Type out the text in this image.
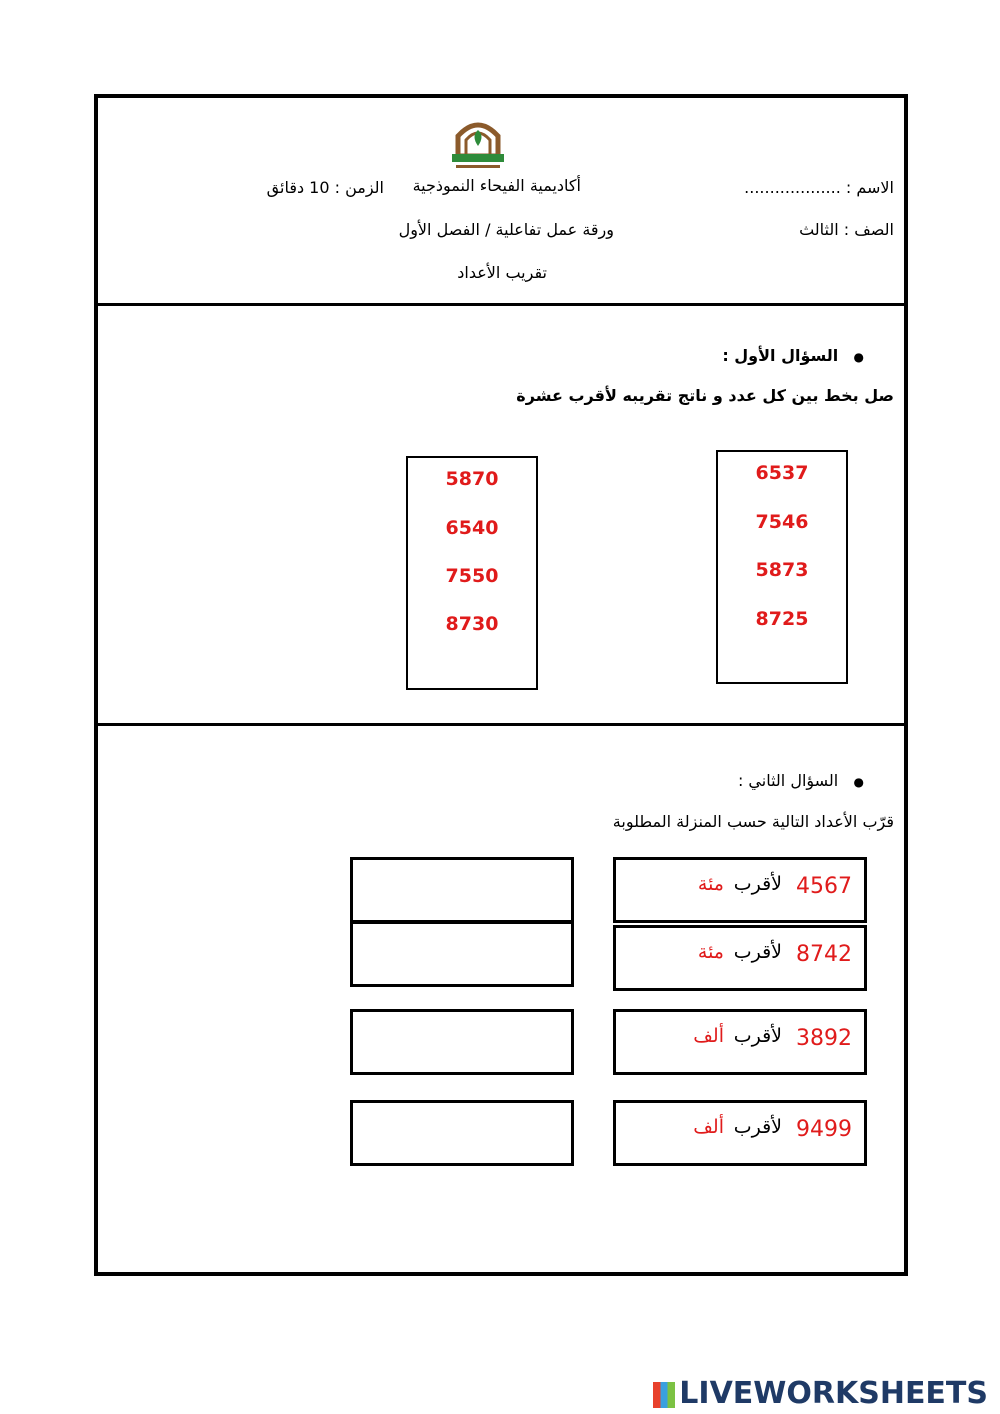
أكاديمية الفيحاء النموذجية	الاسم : ...................
الزمن : 10 دقائق
الصف : الثالث
ورقة عمل تفاعلية / الفصل الأول
تقريب الأعداد
●   السؤال الأول :
صل بخط بين كل عدد و ناتج تقريبه لأقرب عشرة
6537
7546
5873
8725
5870
6540
7550
8730
●   السؤال الثاني :
قرّب الأعداد التالية حسب المنزلة المطلوبة
4567
لأقرب
مئة
8742
لأقرب
مئة
3892
لأقرب
ألف
9499
لأقرب
ألف
LIVEWORKSHEETS
